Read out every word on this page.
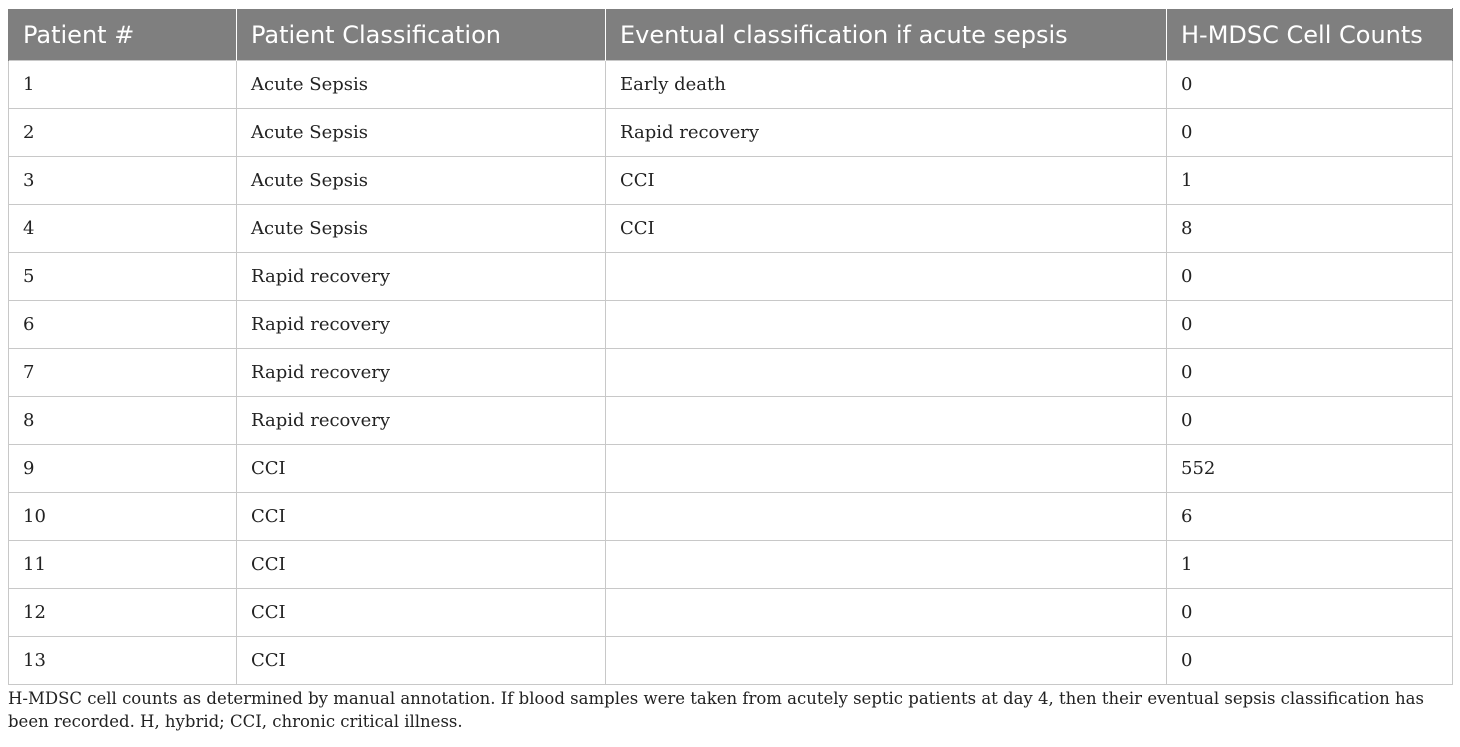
Patient #	Patient Classification	Eventual classification if acute sepsis	H-MDSC Cell Counts
1	Acute Sepsis	Early death	0
2	Acute Sepsis	Rapid recovery	0
3	Acute Sepsis	CCI	1
4	Acute Sepsis	CCI	8
5	Rapid recovery		0
6	Rapid recovery		0
7	Rapid recovery		0
8	Rapid recovery		0
9	CCI		552
10	CCI		6
11	CCI		1
12	CCI		0
13	CCI		0
H-MDSC cell counts as determined by manual annotation. If blood samples were taken from acutely septic patients at day 4, then their eventual sepsis classification has been recorded. H, hybrid; CCI, chronic critical illness.
